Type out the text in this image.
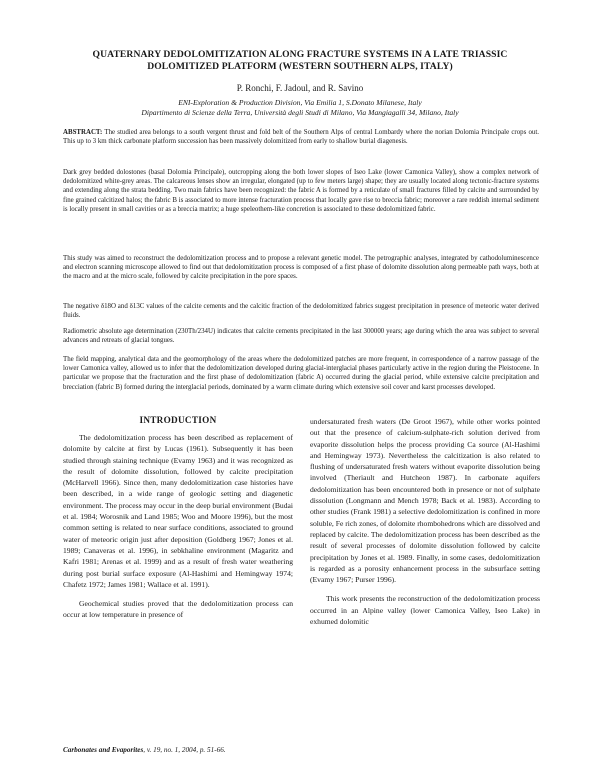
QUATERNARY DEDOLOMITIZATION ALONG FRACTURE SYSTEMS IN A LATE TRIASSIC
DOLOMITIZED PLATFORM (WESTERN SOUTHERN ALPS, ITALY)
P. Ronchi, F. Jadoul, and R. Savino
ENI-Exploration & Production Division, Via Emilia 1, S.Donato Milanese, Italy
Dipartimento di Scienze della Terra, Università degli Studi di Milano, Via Mangiagalli 34, Milano, Italy
ABSTRACT: The studied area belongs to a south vergent thrust and fold belt of the Southern Alps of central Lombardy where the norian Dolomia Principale crops out. This up to 3 km thick carbonate platform succession has been massively dolomitized from early to shallow burial diagenesis.
Dark grey bedded dolostones (basal Dolomia Principale), outcropping along the both lower slopes of Iseo Lake (lower Camonica Valley), show a complex network of dedolomitized white-grey areas. The calcareous lenses show an irregular, elongated (up to few meters large) shape; they are usually located along tectonic-fracture systems and extending along the strata bedding. Two main fabrics have been recognized: the fabric A is formed by a reticulate of small fractures filled by calcite and surrounded by fine grained calcitized halos; the fabric B is associated to more intense fracturation process that locally gave rise to breccia fabric; moreover a rare reddish internal sediment is locally present in small cavities or as a breccia matrix; a huge speleothem-like concretion is associated to these dedolomitized fabric.
This study was aimed to reconstruct the dedolomitization process and to propose a relevant genetic model. The petrographic analyses, integrated by cathodoluminescence and electron scanning microscope allowed to find out that dedolomitization process is composed of a first phase of dolomite dissolution along permeable path ways, both at the macro and at the micro scale, followed by calcite precipitation in the pore spaces.
The negative δ18O and δ13C values of the calcite cements and the calcitic fraction of the dedolomitized fabrics suggest precipitation in presence of meteoric water derived fluids.
Radiometric absolute age determination (230Th/234U) indicates that calcite cements precipitated in the last 300000 years; age during which the area was subject to several advances and retreats of glacial tongues.
The field mapping, analytical data and the geomorphology of the areas where the dedolomitized patches are more frequent, in correspondence of a narrow passage of the lower Camonica valley, allowed us to infer that the dedolomitization developed during glacial-interglacial phases particularly active in the region during the Pleistocene. In particular we propose that the fracturation and the first phase of dedolomitization (fabric A) occurred during the glacial period, while extensive calcite precipitation and brecciation (fabric B) formed during the interglacial periods, dominated by a warm climate during which extensive soil cover and karst processes developed.
INTRODUCTION

The dedolomitization process has been described as replacement of dolomite by calcite at first by Lucas (1961). Subsequently it has been studied through staining technique (Evamy 1963) and it was recognized as the result of dolomite dissolution, followed by calcite precipitation (McHarvell 1966). Since then, many dedolomitization case histories have been described, in a wide range of geologic setting and diagenetic environment. The process may occur in the deep burial environment (Budai et al. 1984; Worosnik and Land 1985; Woo and Moore 1996), but the most common setting is related to near surface conditions, associated to ground water of meteoric origin just after deposition (Goldberg 1967; Jones et al. 1989; Canaveras et al. 1996), in sebkhaline environment (Magaritz and Kafri 1981; Arenas et al. 1999) and as a result of fresh water weathering during post burial surface exposure (Al-Hashimi and Hemingway 1974; Chafetz 1972; James 1981; Wallace et al. 1991).

Geochemical studies proved that the dedolomitization process can occur at low temperature in presence of

undersaturated fresh waters (De Groot 1967), while other works pointed out that the presence of calcium-sulphate-rich solution derived from evaporite dissolution helps the process providing Ca source (Al-Hashimi and Hemingway 1973). Nevertheless the calcitization is also related to flushing of undersaturated fresh waters without evaporite dissolution being involved (Theriault and Hutcheon 1987). In carbonate aquifers dedolomitization has been encountered both in presence or not of sulphate dissolution (Longmann and Mench 1978; Back et al. 1983). According to other studies (Frank 1981) a selective dedolomitization is confined in more soluble, Fe rich zones, of dolomite rhombohedrons which are dissolved and replaced by calcite. The dedolomitization process has been described as the result of several processes of dolomite dissolution followed by calcite precipitation by Jones et al. 1989. Finally, in some cases, dedolomitization is regarded as a porosity enhancement process in the subsurface setting (Evamy 1967; Purser 1996).

This work presents the reconstruction of the dedolomitization process occurred in an Alpine valley (lower Camonica Valley, Iseo Lake) in exhumed dolomitic

Carbonates and Evaporites, v. 19, no. 1, 2004, p. 51-66.
